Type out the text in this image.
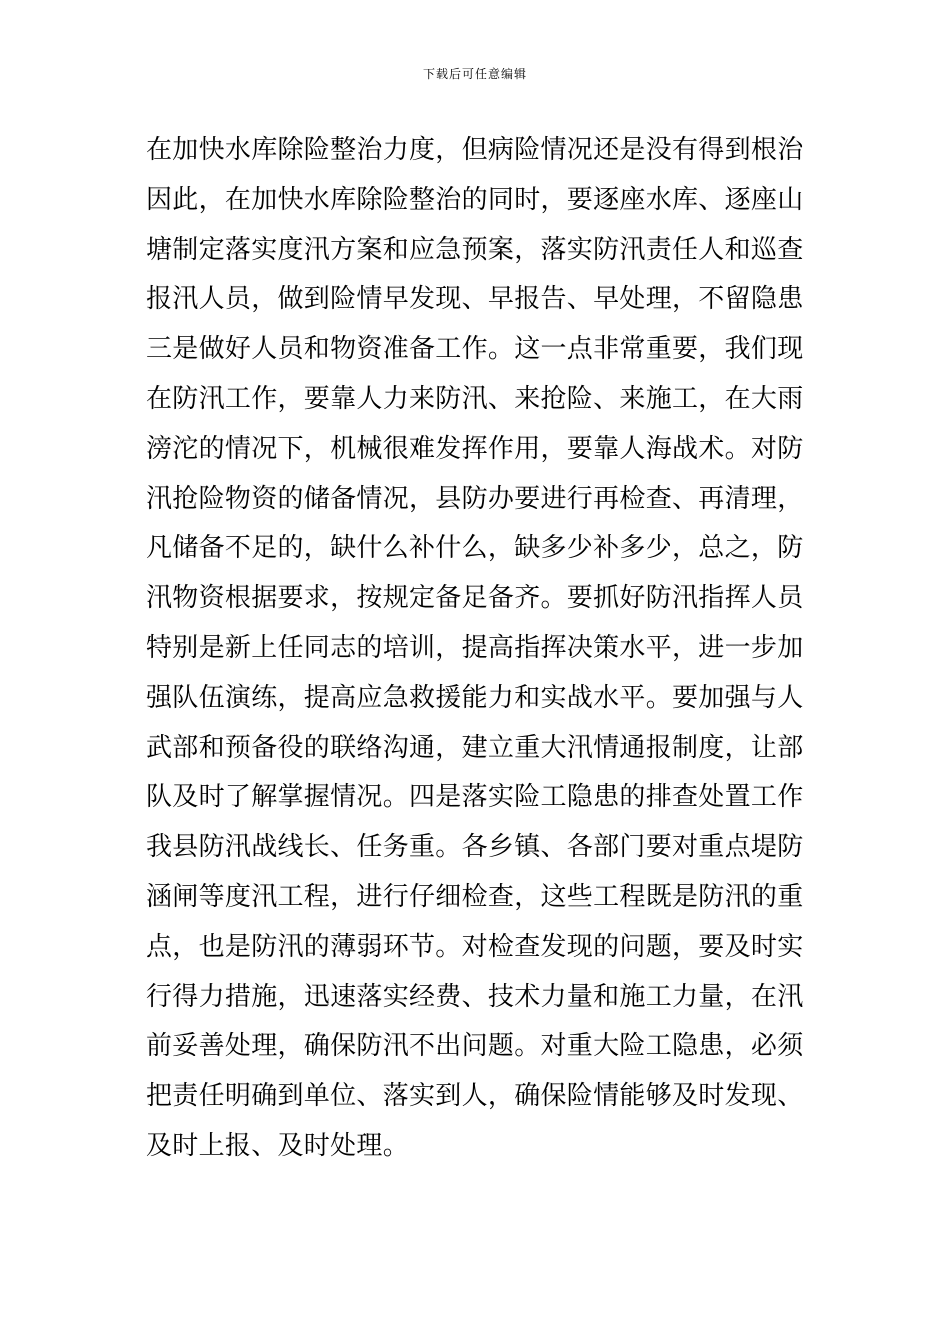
下载后可任意编辑
在加快水库除险整治力度，但病险情况还是没有得到根治
因此，在加快水库除险整治的同时，要逐座水库、逐座山
塘制定落实度汛方案和应急预案，落实防汛责任人和巡查
报汛人员，做到险情早发现、早报告、早处理，不留隐患
三是做好人员和物资准备工作。这一点非常重要，我们现
在防汛工作，要靠人力来防汛、来抢险、来施工，在大雨
滂沱的情况下，机械很难发挥作用，要靠人海战术。对防
汛抢险物资的储备情况，县防办要进行再检查、再清理，
凡储备不足的，缺什么补什么，缺多少补多少，总之，防
汛物资根据要求，按规定备足备齐。要抓好防汛指挥人员
特别是新上任同志的培训，提高指挥决策水平，进一步加
强队伍演练，提高应急救援能力和实战水平。要加强与人
武部和预备役的联络沟通，建立重大汛情通报制度，让部
队及时了解掌握情况。四是落实险工隐患的排查处置工作
我县防汛战线长、任务重。各乡镇、各部门要对重点堤防
涵闸等度汛工程，进行仔细检查，这些工程既是防汛的重
点，也是防汛的薄弱环节。对检查发现的问题，要及时实
行得力措施，迅速落实经费、技术力量和施工力量，在汛
前妥善处理，确保防汛不出问题。对重大险工隐患，必须
把责任明确到单位、落实到人，确保险情能够及时发现、
及时上报、及时处理。
